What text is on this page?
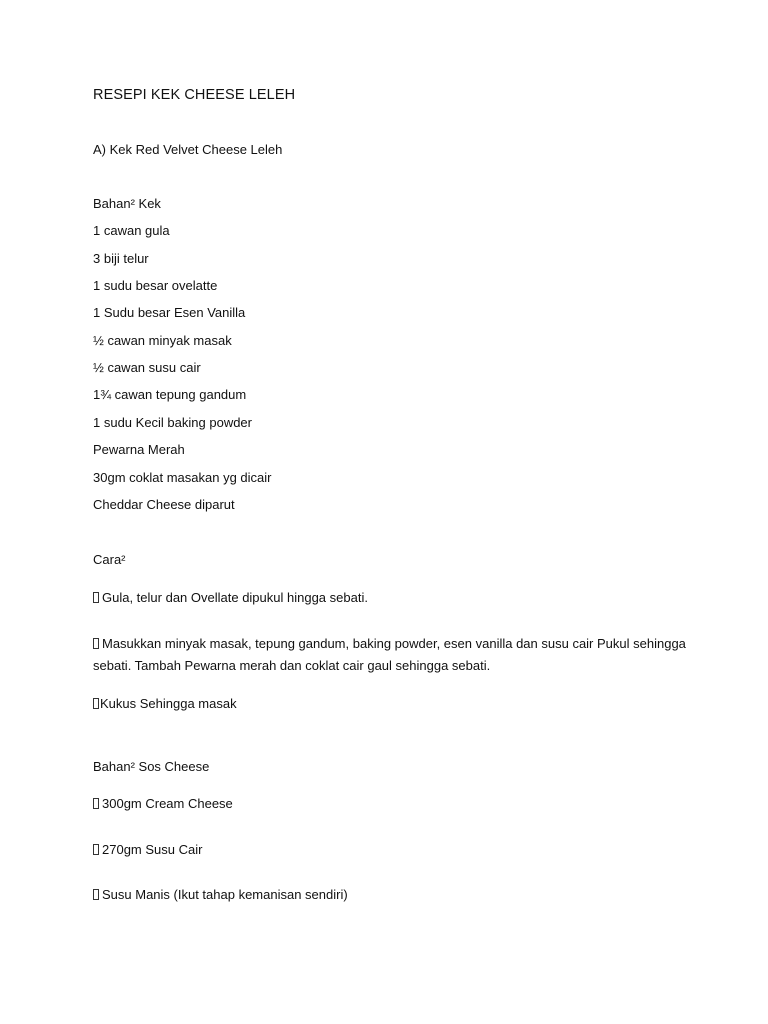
RESEPI KEK CHEESE LELEH
A) Kek Red Velvet Cheese Leleh
Bahan² Kek
1 cawan gula
3 biji telur
1 sudu besar ovelatte
1 Sudu besar Esen Vanilla
½ cawan minyak masak
½ cawan susu cair
1¾ cawan tepung gandum
1 sudu Kecil baking powder
Pewarna Merah
30gm coklat masakan yg dicair
Cheddar Cheese diparut
Cara²
Gula, telur dan Ovellate dipukul hingga sebati.
Masukkan minyak masak, tepung gandum, baking powder, esen vanilla dan susu cair Pukul sehingga sebati. Tambah Pewarna merah dan coklat cair gaul sehingga sebati.
Kukus Sehingga masak
Bahan² Sos Cheese
300gm Cream Cheese
270gm Susu Cair
Susu Manis (Ikut tahap kemanisan sendiri)
